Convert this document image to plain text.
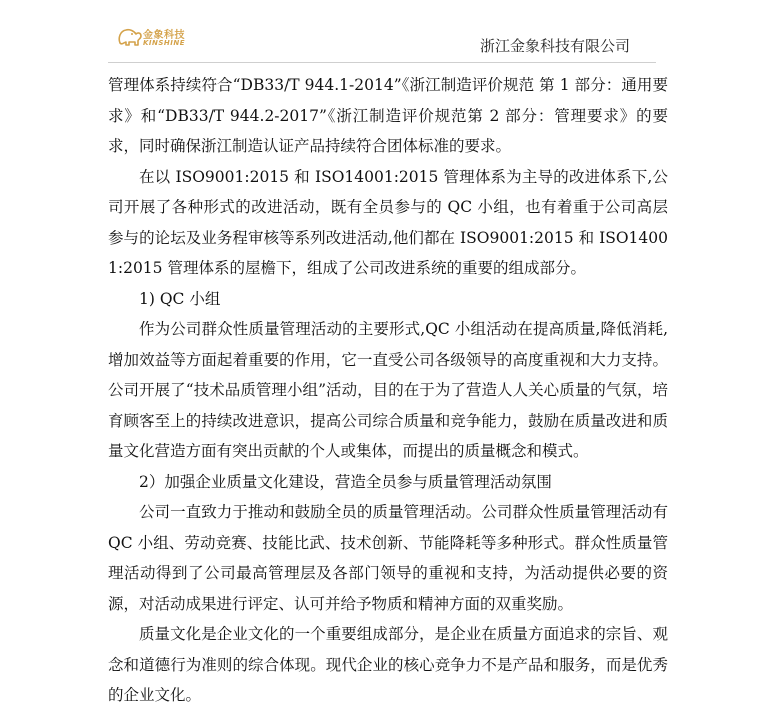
金象科技
KINSHINE	浙江金象科技有限公司

管理体系持续符合“DB33/T 944.1-2014”《浙江制造评价规范 第 1 部分：通用要求》和“DB33/T 944.2-2017”《浙江制造评价规范第 2 部分：管理要求》的要求，同时确保浙江制造认证产品持续符合团体标准的要求。

在以 ISO9001:2015 和 ISO14001:2015 管理体系为主导的改进体系下,公司开展了各种形式的改进活动，既有全员参与的 QC 小组，也有着重于公司高层参与的论坛及业务程审核等系列改进活动,他们都在 ISO9001:2015 和 ISO14001:2015 管理体系的屋檐下，组成了公司改进系统的重要的组成部分。

1) QC 小组

作为公司群众性质量管理活动的主要形式,QC 小组活动在提高质量,降低消耗,增加效益等方面起着重要的作用，它一直受公司各级领导的高度重视和大力支持。公司开展了“技术品质管理小组”活动，目的在于为了营造人人关心质量的气氛，培育顾客至上的持续改进意识，提高公司综合质量和竞争能力，鼓励在质量改进和质量文化营造方面有突出贡献的个人或集体，而提出的质量概念和模式。

2）加强企业质量文化建设，营造全员参与质量管理活动氛围

公司一直致力于推动和鼓励全员的质量管理活动。公司群众性质量管理活动有 QC 小组、劳动竞赛、技能比武、技术创新、节能降耗等多种形式。群众性质量管理活动得到了公司最高管理层及各部门领导的重视和支持，为活动提供必要的资源，对活动成果进行评定、认可并给予物质和精神方面的双重奖励。

质量文化是企业文化的一个重要组成部分，是企业在质量方面追求的宗旨、观念和道德行为准则的综合体现。现代企业的核心竞争力不是产品和服务，而是优秀的企业文化。
